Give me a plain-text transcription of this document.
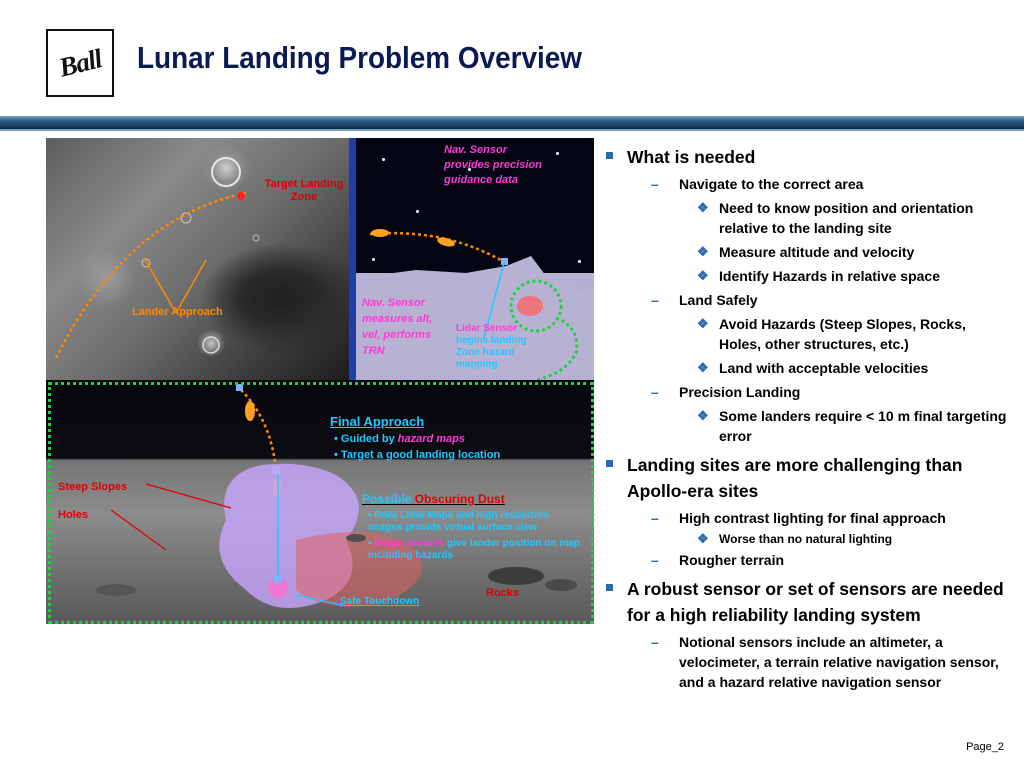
Ball Lunar Landing Problem Overview
Target Landing Zone
Lander Approach
Nav. Sensor provides precision guidance data
Nav. Sensor measures alt, vel, performs TRN
Lidar Sensor
begins landing Zone hazard mapping
Final Approach
• Guided by hazard maps
• Target a good landing location
Possible Obscuring Dust
• Prior Lidar Maps and high resolution images provide virtual surface view
• Image sensors give lander position on map including hazards
Steep Slopes
Holes
Rocks
Safe Touchdown
What is needed
– Navigate to the correct area
❖ Need to know position and orientation relative to the landing site
❖ Measure altitude and velocity
❖ Identify Hazards in relative space
– Land Safely
❖ Avoid Hazards (Steep Slopes, Rocks, Holes, other structures, etc.)
❖ Land with acceptable velocities
– Precision Landing
❖ Some landers require < 10 m final targeting error
Landing sites are more challenging than Apollo-era sites
– High contrast lighting for final approach
❖ Worse than no natural lighting
– Rougher terrain
A robust sensor or set of sensors are needed for a high reliability landing system
– Notional sensors include an altimeter, a velocimeter, a terrain relative navigation sensor, and a hazard relative navigation sensor
Page_2
